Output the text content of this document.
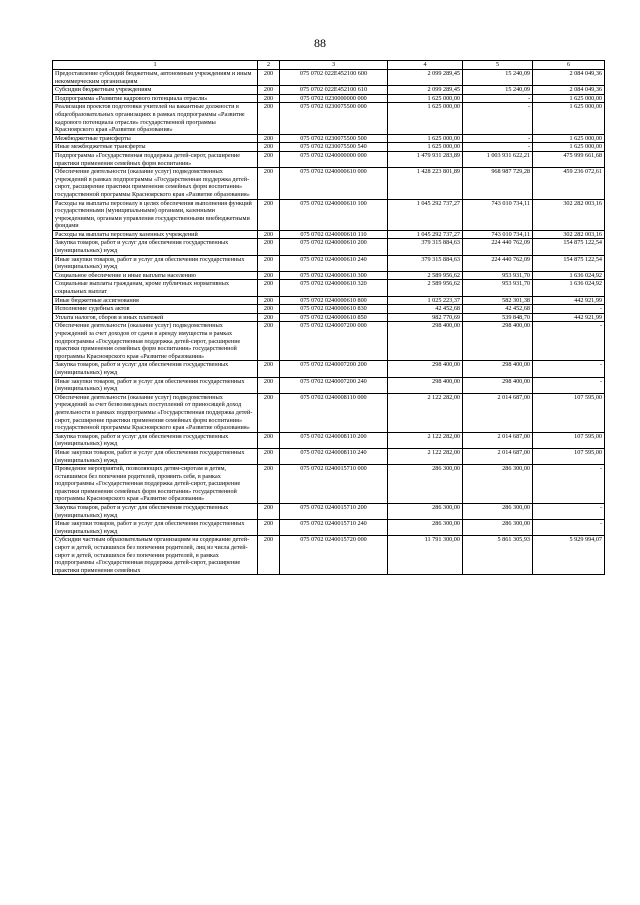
88
1	2	3	4	5	6
Предоставление субсидий бюджетным, автономным учреждениям и иным некоммерческим организациям	200	075 0702 022E452100 600	2 099 289,45	15 240,09	2 084 049,36
Субсидии бюджетным учреждениям	200	075 0702 022E452100 610	2 099 289,45	15 240,09	2 084 049,36
Подпрограмма «Развитие кадрового потенциала отрасли»	200	075 0702 0230000000 000	1 625 000,00	-	1 625 000,00
Реализация проектов подготовки учителей на вакантные должности в общеобразовательных организациях в рамках подпрограммы «Развитие кадрового потенциала отрасли» государственной программы Красноярского края «Развитие образования»	200	075 0702 0230075500 000	1 625 000,00	-	1 625 000,00
Межбюджетные трансферты	200	075 0702 0230075500 500	1 625 000,00	-	1 625 000,00
Иные межбюджетные трансферты	200	075 0702 0230075500 540	1 625 000,00	-	1 625 000,00
Подпрограмма «Государственная поддержка детей-сирот, расширение практики применения семейных форм воспитания»	200	075 0702 0240000000 000	1 479 931 283,89	1 003 931 622,21	475 999 661,68
Обеспечение деятельности (оказание услуг) подведомственных учреждений в рамках подпрограммы «Государственная поддержка детей-сирот, расширение практики применения семейных форм воспитания» государственной программы Красноярского края «Развитие образования»	200	075 0702 0240000610 000	1 428 223 801,89	968 987 729,28	459 236 072,61
Расходы на выплаты персоналу в целях обеспечения выполнения функций государственными (муниципальными) органами, казенными учреждениями, органами управления государственными внебюджетными фондами	200	075 0702 0240000610 100	1 045 292 737,27	743 010 734,11	302 282 003,16
Расходы на выплаты персоналу казенных учреждений	200	075 0702 0240000610 110	1 045 292 737,27	743 010 734,11	302 282 003,16
Закупка товаров, работ и услуг для обеспечения государственных (муниципальных) нужд	200	075 0702 0240000610 200	379 315 884,63	224 440 762,09	154 875 122,54
Иные закупки товаров, работ и услуг для обеспечения государственных (муниципальных) нужд	200	075 0702 0240000610 240	379 315 884,63	224 440 762,09	154 875 122,54
Социальное обеспечение и иные выплаты населению	200	075 0702 0240000610 300	2 589 956,62	953 931,70	1 636 024,92
Социальные выплаты гражданам, кроме публичных нормативных социальных выплат	200	075 0702 0240000610 320	2 589 956,62	953 931,70	1 636 024,92
Иные бюджетные ассигнования	200	075 0702 0240000610 800	1 025 223,37	582 301,38	442 921,99
Исполнение судебных актов	200	075 0702 0240000610 830	42 452,68	42 452,68	-
Уплата налогов, сборов и иных платежей	200	075 0702 0240000610 850	982 770,69	539 848,70	442 921,99
Обеспечение деятельности (оказание услуг) подведомственных учреждений за счет доходов от сдачи в аренду имущества в рамках подпрограммы «Государственная поддержка детей-сирот, расширение практики применения семейных форм воспитания» государственной программы Красноярского края «Развитие образования»	200	075 0702 0240007200 000	298 400,00	298 400,00	-
Закупка товаров, работ и услуг для обеспечения государственных (муниципальных) нужд	200	075 0702 0240007200 200	298 400,00	298 400,00	-
Иные закупки товаров, работ и услуг для обеспечения государственных (муниципальных) нужд	200	075 0702 0240007200 240	298 400,00	298 400,00	-
Обеспечение деятельности (оказание услуг) подведомственных учреждений за счет безвозмездных поступлений от приносящей доход деятельности в рамках подпрограммы «Государственная поддержка детей-сирот, расширение практики применения семейных форм воспитания» государственной программы Красноярского края «Развитие образования»	200	075 0702 0240008110 000	2 122 282,00	2 014 687,00	107 595,00
Закупка товаров, работ и услуг для обеспечения государственных (муниципальных) нужд	200	075 0702 0240008110 200	2 122 282,00	2 014 687,00	107 595,00
Иные закупки товаров, работ и услуг для обеспечения государственных (муниципальных) нужд	200	075 0702 0240008110 240	2 122 282,00	2 014 687,00	107 595,00
Проведение мероприятий, позволяющих детям-сиротам и детям, оставшимся без попечения родителей, проявить себя, в рамках подпрограммы «Государственная поддержка детей-сирот, расширение практики применения семейных форм воспитания» государственной программы Красноярского края «Развитие образования»	200	075 0702 0240015710 000	286 300,00	286 300,00	-
Закупка товаров, работ и услуг для обеспечения государственных (муниципальных) нужд	200	075 0702 0240015710 200	286 300,00	286 300,00	-
Иные закупки товаров, работ и услуг для обеспечения государственных (муниципальных) нужд	200	075 0702 0240015710 240	286 300,00	286 300,00	-
Субсидии частным образовательным организациям на содержание детей-сирот и детей, оставшихся без попечения родителей, лиц из числа детей-сирот и детей, оставшихся без попечения родителей, в рамках подпрограммы «Государственная поддержка детей-сирот, расширение практики применения семейных	200	075 0702 0240015720 000	11 791 300,00	5 861 305,93	5 929 994,07
